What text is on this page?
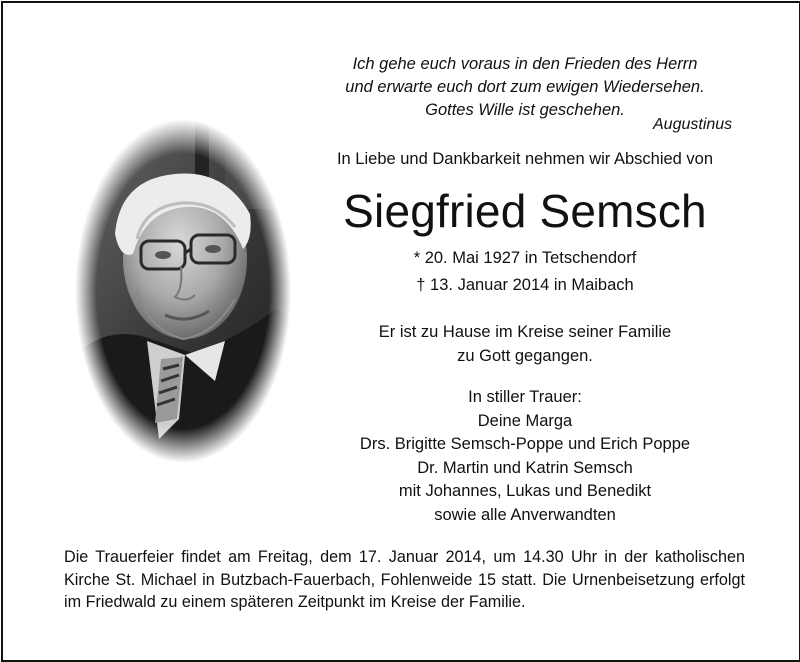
Ich gehe euch voraus in den Frieden des Herrn
und erwarte euch dort zum ewigen Wiedersehen.
Gottes Wille ist geschehen.
Augustinus
In Liebe und Dankbarkeit nehmen wir Abschied von
Siegfried Semsch
* 20. Mai 1927 in Tetschendorf
† 13. Januar 2014 in Maibach
Er ist zu Hause im Kreise seiner Familie
zu Gott gegangen.
In stiller Trauer:
Deine Marga
Drs. Brigitte Semsch-Poppe und Erich Poppe
Dr. Martin und Katrin Semsch
mit Johannes, Lukas und Benedikt
sowie alle Anverwandten
Die Trauerfeier findet am Freitag, dem 17. Januar 2014, um 14.30 Uhr in der katholischen Kirche St. Michael in Butzbach-Fauerbach, Fohlenweide 15 statt. Die Urnenbeisetzung erfolgt im Friedwald zu einem späteren Zeitpunkt im Kreise der Familie.
